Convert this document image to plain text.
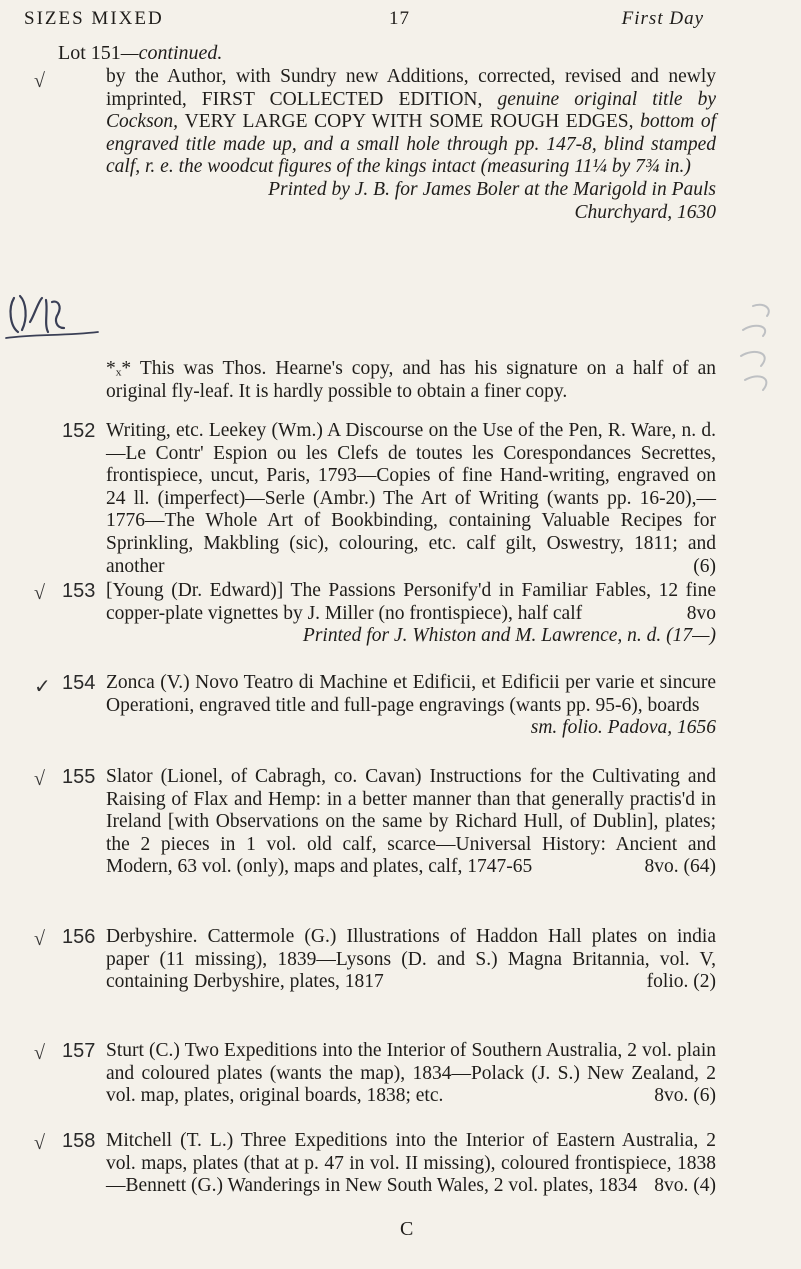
SIZES MIXED	17	First Day
Lot 151—continued.
√	by the Author, with Sundry new Additions, corrected, revised and newly imprinted, FIRST COLLECTED EDITION, genuine original title by Cockson, VERY LARGE COPY WITH SOME ROUGH EDGES, bottom of engraved title made up, and a small hole through pp. 147-8, blind stamped calf, r. e. the woodcut figures of the kings intact (measuring 11¼ by 7¾ in.)

Printed by J. B. for James Boler at the Marigold in Pauls Churchyard, 1630

*ₓ* This was Thos. Hearne's copy, and has his signature on a half of an original fly-leaf. It is hardly possible to obtain a finer copy.
152 Writing, etc. Leekey (Wm.) A Discourse on the Use of the Pen, R. Ware, n. d.—Le Contr' Espion ou les Clefs de toutes les Corespondances Secrettes, frontispiece, uncut, Paris, 1793—Copies of fine Hand-writing, engraved on 24 ll. (imperfect)—Serle (Ambr.) The Art of Writing (wants pp. 16-20),—1776—The Whole Art of Bookbinding, containing Valuable Recipes for Sprinkling, Makbling (sic), colouring, etc. calf gilt, Oswestry, 1811; and another	(6)

√ 153 [Young (Dr. Edward)] The Passions Personify'd in Familiar Fables, 12 fine copper-plate vignettes by J. Miller (no frontispiece), half calf	8vo

Printed for J. Whiston and M. Lawrence, n. d. (17—)

✓ 154 Zonca (V.) Novo Teatro di Machine et Edificii, et Edificii per varie et sincure Operationi, engraved title and full-page engravings (wants pp. 95-6), boards

sm. folio. Padova, 1656

√ 155 Slator (Lionel, of Cabragh, co. Cavan) Instructions for the Cultivating and Raising of Flax and Hemp: in a better manner than that generally practis'd in Ireland [with Observations on the same by Richard Hull, of Dublin], plates; the 2 pieces in 1 vol. old calf, scarce—Universal History: Ancient and Modern, 63 vol. (only), maps and plates, calf, 1747-65	8vo. (64)

√ 156 Derbyshire. Cattermole (G.) Illustrations of Haddon Hall plates on india paper (11 missing), 1839—Lysons (D. and S.) Magna Britannia, vol. V, containing Derbyshire, plates, 1817	folio. (2)

√ 157 Sturt (C.) Two Expeditions into the Interior of Southern Australia, 2 vol. plain and coloured plates (wants the map), 1834—Polack (J. S.) New Zealand, 2 vol. map, plates, original boards, 1838; etc.	8vo. (6)

√ 158 Mitchell (T. L.) Three Expeditions into the Interior of Eastern Australia, 2 vol. maps, plates (that at p. 47 in vol. II missing), coloured frontispiece, 1838—Bennett (G.) Wanderings in New South Wales, 2 vol. plates, 1834 8vo. (4)

C
